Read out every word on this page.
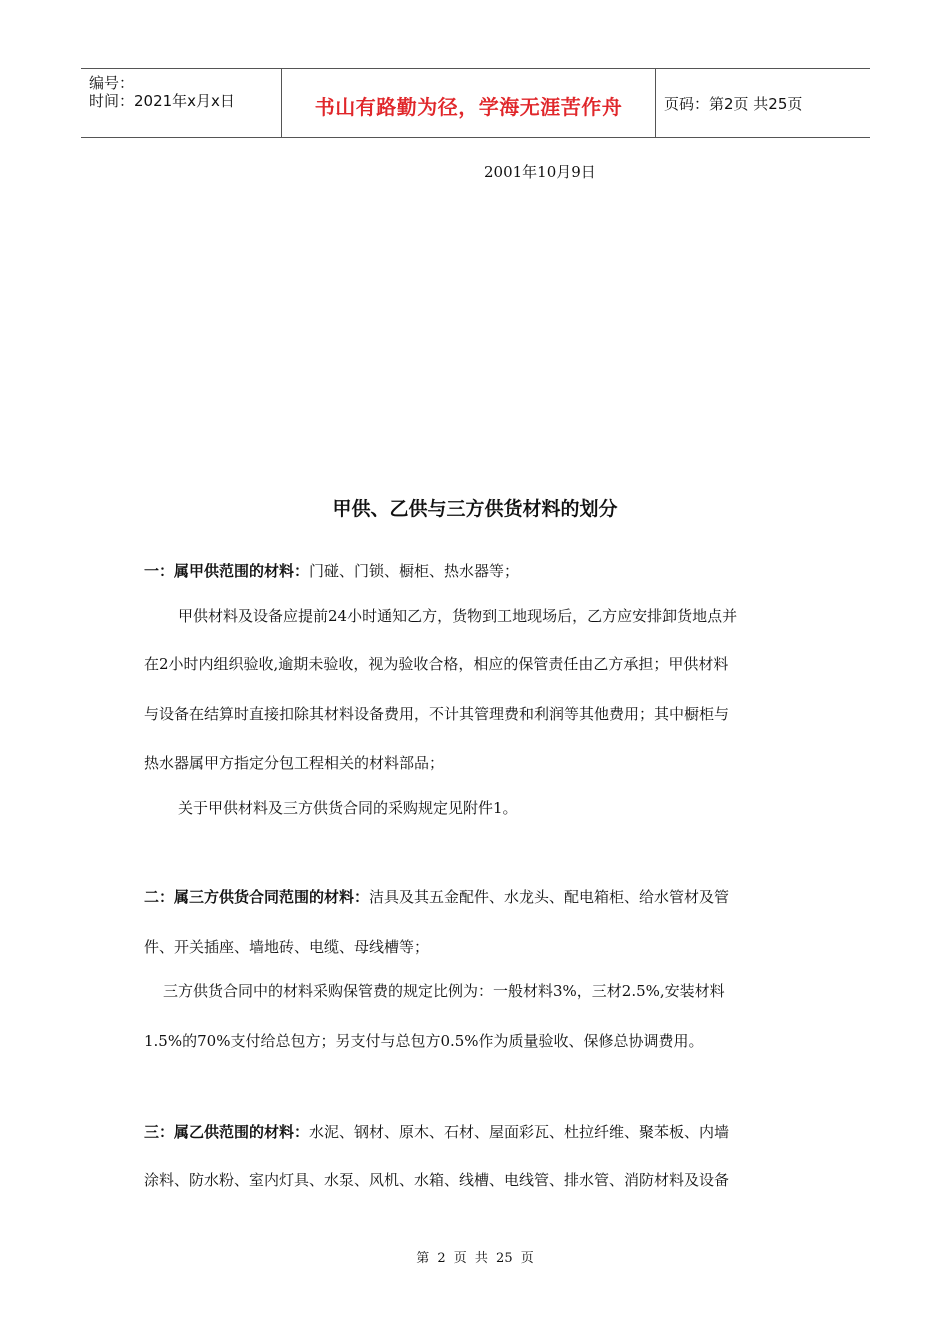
编号：
时间：2021年x月x日	书山有路勤为径，学海无涯苦作舟	页码：第2页 共25页
2001年10月9日
甲供、乙供与三方供货材料的划分
一：属甲供范围的材料：门碰、门锁、橱柜、热水器等；
甲供材料及设备应提前24小时通知乙方，货物到工地现场后，乙方应安排卸货地点并
在2小时内组织验收,逾期未验收，视为验收合格，相应的保管责任由乙方承担；甲供材料
与设备在结算时直接扣除其材料设备费用，不计其管理费和利润等其他费用；其中橱柜与
热水器属甲方指定分包工程相关的材料部品；
关于甲供材料及三方供货合同的采购规定见附件1。
二：属三方供货合同范围的材料：洁具及其五金配件、水龙头、配电箱柜、给水管材及管
件、开关插座、墙地砖、电缆、母线槽等；
三方供货合同中的材料采购保管费的规定比例为：一般材料3%，三材2.5%,安装材料
1.5%的70%支付给总包方；另支付与总包方0.5%作为质量验收、保修总协调费用。
三：属乙供范围的材料：水泥、钢材、原木、石材、屋面彩瓦、杜拉纤维、聚苯板、内墙
涂料、防水粉、室内灯具、水泵、风机、水箱、线槽、电线管、排水管、消防材料及设备
第 2 页 共 25 页
